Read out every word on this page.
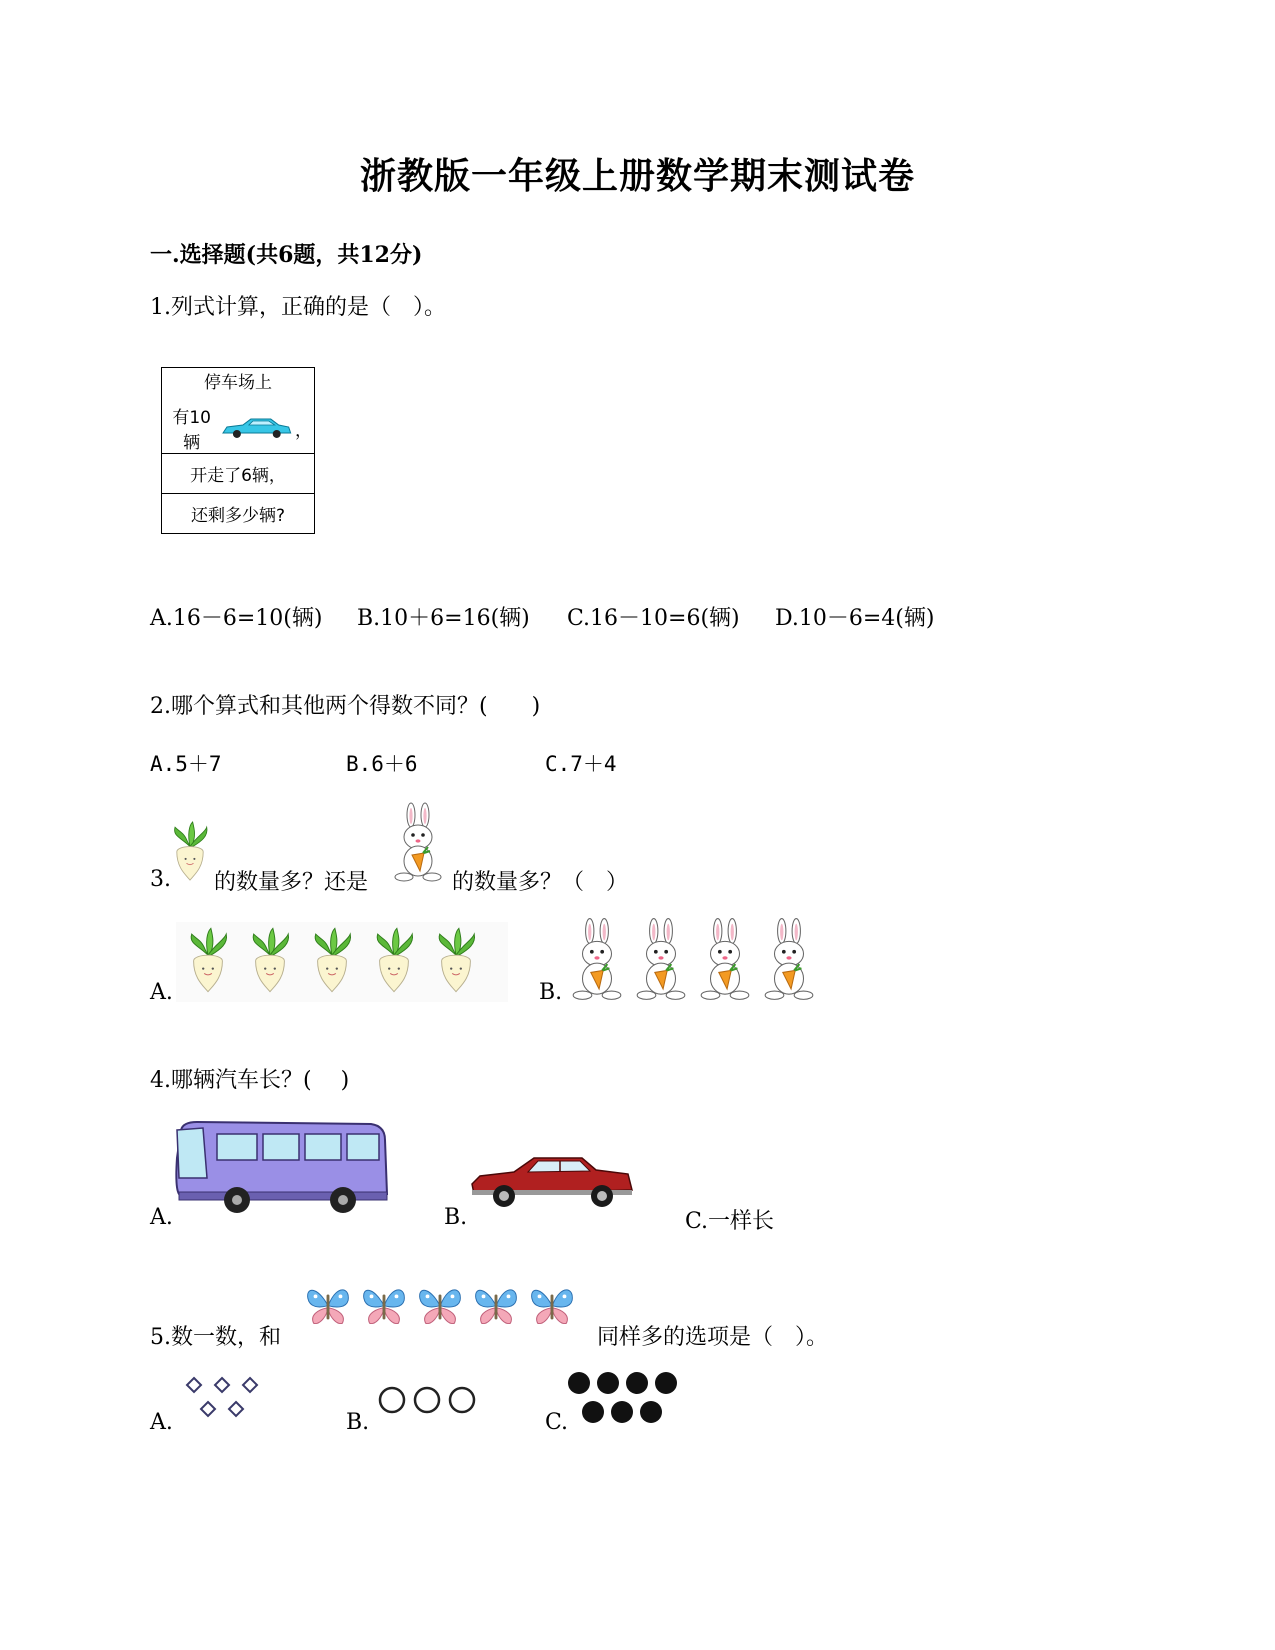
浙教版一年级上册数学期末测试卷
一.选择题(共6题，共12分)
1.列式计算，正确的是（　）。
停车场上
有10辆
，

开走了6辆，
还剩多少辆?
A.16－6=10(辆) B.10＋6=16(辆) C.16－10=6(辆) D.10－6=4(辆)
2.哪个算式和其他两个得数不同？(　　)
A.5＋7	B.6＋6	C.7＋4
3. 的数量多？还是	的数量多？（　）
A.	B.
4.哪辆汽车长？( 　)
A.	B.	C.一样长
5.数一数，和	同样多的选项是（　）。
A.	B.	C.
